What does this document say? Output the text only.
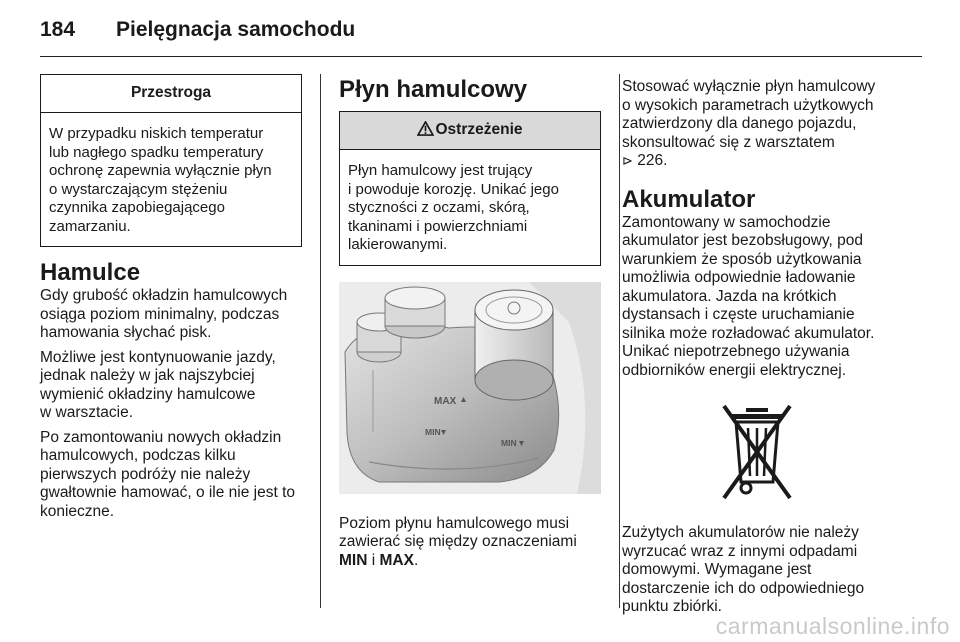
184 Pielęgnacja samochodu
Przestroga
W przypadku niskich temperatur
lub nagłego spadku temperatury
ochronę zapewnia wyłącznie płyn
o wystarczającym stężeniu
czynnika zapobiegającego
zamarzaniu.
Hamulce

Gdy grubość okładzin hamulcowych
osiąga poziom minimalny, podczas
hamowania słychać pisk.

Możliwe jest kontynuowanie jazdy,
jednak należy w jak najszybciej
wymienić okładziny hamulcowe
w warsztacie.

Po zamontowaniu nowych okładzin
hamulcowych, podczas kilku
pierwszych podróży nie należy
gwałtownie hamować, o ile nie jest to
konieczne.

Płyn hamulcowy
Ostrzeżenie
Płyn hamulcowy jest trujący
i powoduje korozję. Unikać jego
styczności z oczami, skórą,
tkaninami i powierzchniami
lakierowanymi.
MAX
MIN
MIN

Poziom płynu hamulcowego musi
zawierać się między oznaczeniami
MIN i MAX.

Stosować wyłącznie płyn hamulcowy
o wysokich parametrach użytkowych
zatwierdzony dla danego pojazdu,
skonsultować się z warsztatem
⊳ 226.

Akumulator

Zamontowany w samochodzie
akumulator jest bezobsługowy, pod
warunkiem że sposób użytkowania
umożliwia odpowiednie ładowanie
akumulatora. Jazda na krótkich
dystansach i częste uruchamianie
silnika może rozładować akumulator.
Unikać niepotrzebnego używania
odbiorników energii elektrycznej.

Zużytych akumulatorów nie należy
wyrzucać wraz z innymi odpadami
domowymi. Wymagane jest
dostarczenie ich do odpowiedniego
punktu zbiórki.

carmanualsonline.info
